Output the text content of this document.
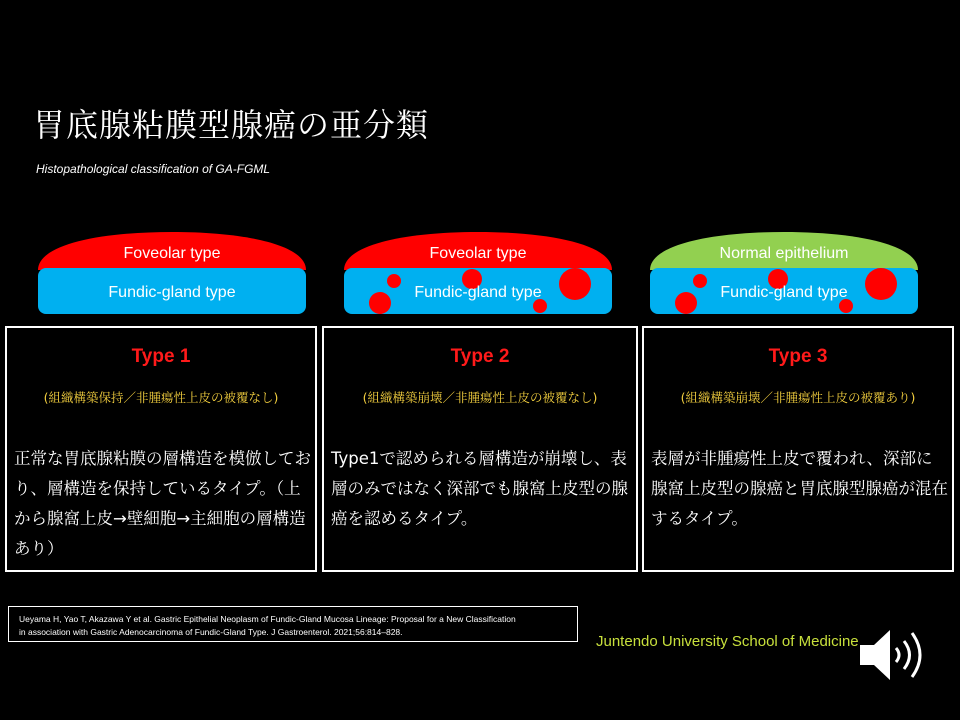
胃底腺粘膜型腺癌の亜分類
Histopathological classification of GA-FGML
Foveolar type
Fundic-gland type
Foveolar type
Fundic-gland type
Normal epithelium
Fundic-gland type
Type 1
(組織構築保持／非腫瘍性上皮の被覆なし)
正常な胃底腺粘膜の層構造を模倣しており、層構造を保持しているタイプ。（上から腺窩上皮→壁細胞→主細胞の層構造あり）
Type 2
(組織構築崩壊／非腫瘍性上皮の被覆なし)
Type1で認められる層構造が崩壊し、表層のみではなく深部でも腺窩上皮型の腺癌を認めるタイプ。
Type 3
(組織構築崩壊／非腫瘍性上皮の被覆あり)
表層が非腫瘍性上皮で覆われ、深部に腺窩上皮型の腺癌と胃底腺型腺癌が混在するタイプ。
Ueyama H, Yao T, Akazawa Y et al. Gastric Epithelial Neoplasm of Fundic-Gland Mucosa Lineage: Proposal for a New Classification
in association with Gastric Adenocarcinoma of Fundic-Gland Type. J Gastroenterol. 2021;56:814–828.
Juntendo University School of Medicine
